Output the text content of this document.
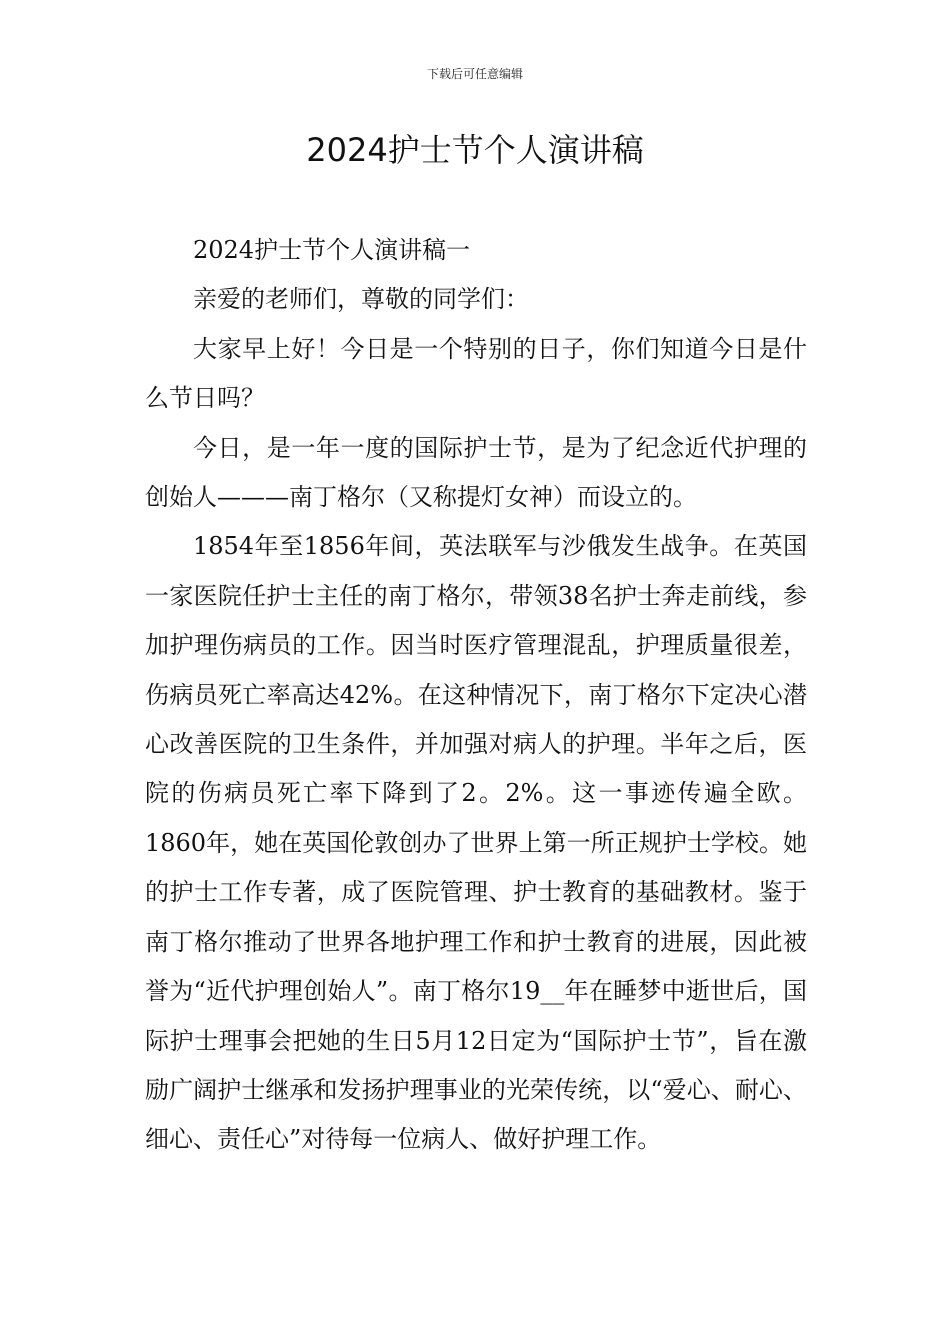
下载后可任意编辑
2024护士节个人演讲稿

2024护士节个人演讲稿一

亲爱的老师们，尊敬的同学们：

大家早上好！今日是一个特别的日子，你们知道今日是什么节日吗？

今日，是一年一度的国际护士节，是为了纪念近代护理的创始人———南丁格尔（又称提灯女神）而设立的。

1854年至1856年间，英法联军与沙俄发生战争。在英国一家医院任护士主任的南丁格尔，带领38名护士奔走前线，参加护理伤病员的工作。因当时医疗管理混乱，护理质量很差，伤病员死亡率高达42%。在这种情况下，南丁格尔下定决心潜心改善医院的卫生条件，并加强对病人的护理。半年之后，医院的伤病员死亡率下降到了2。2%。这一事迹传遍全欧。1860年，她在英国伦敦创办了世界上第一所正规护士学校。她的护士工作专著，成了医院管理、护士教育的基础教材。鉴于南丁格尔推动了世界各地护理工作和护士教育的进展，因此被誉为“近代护理创始人”。南丁格尔19__年在睡梦中逝世后，国际护士理事会把她的生日5月12日定为“国际护士节”，旨在激励广阔护士继承和发扬护理事业的光荣传统，以“爱心、耐心、细心、责任心”对待每一位病人、做好护理工作。
